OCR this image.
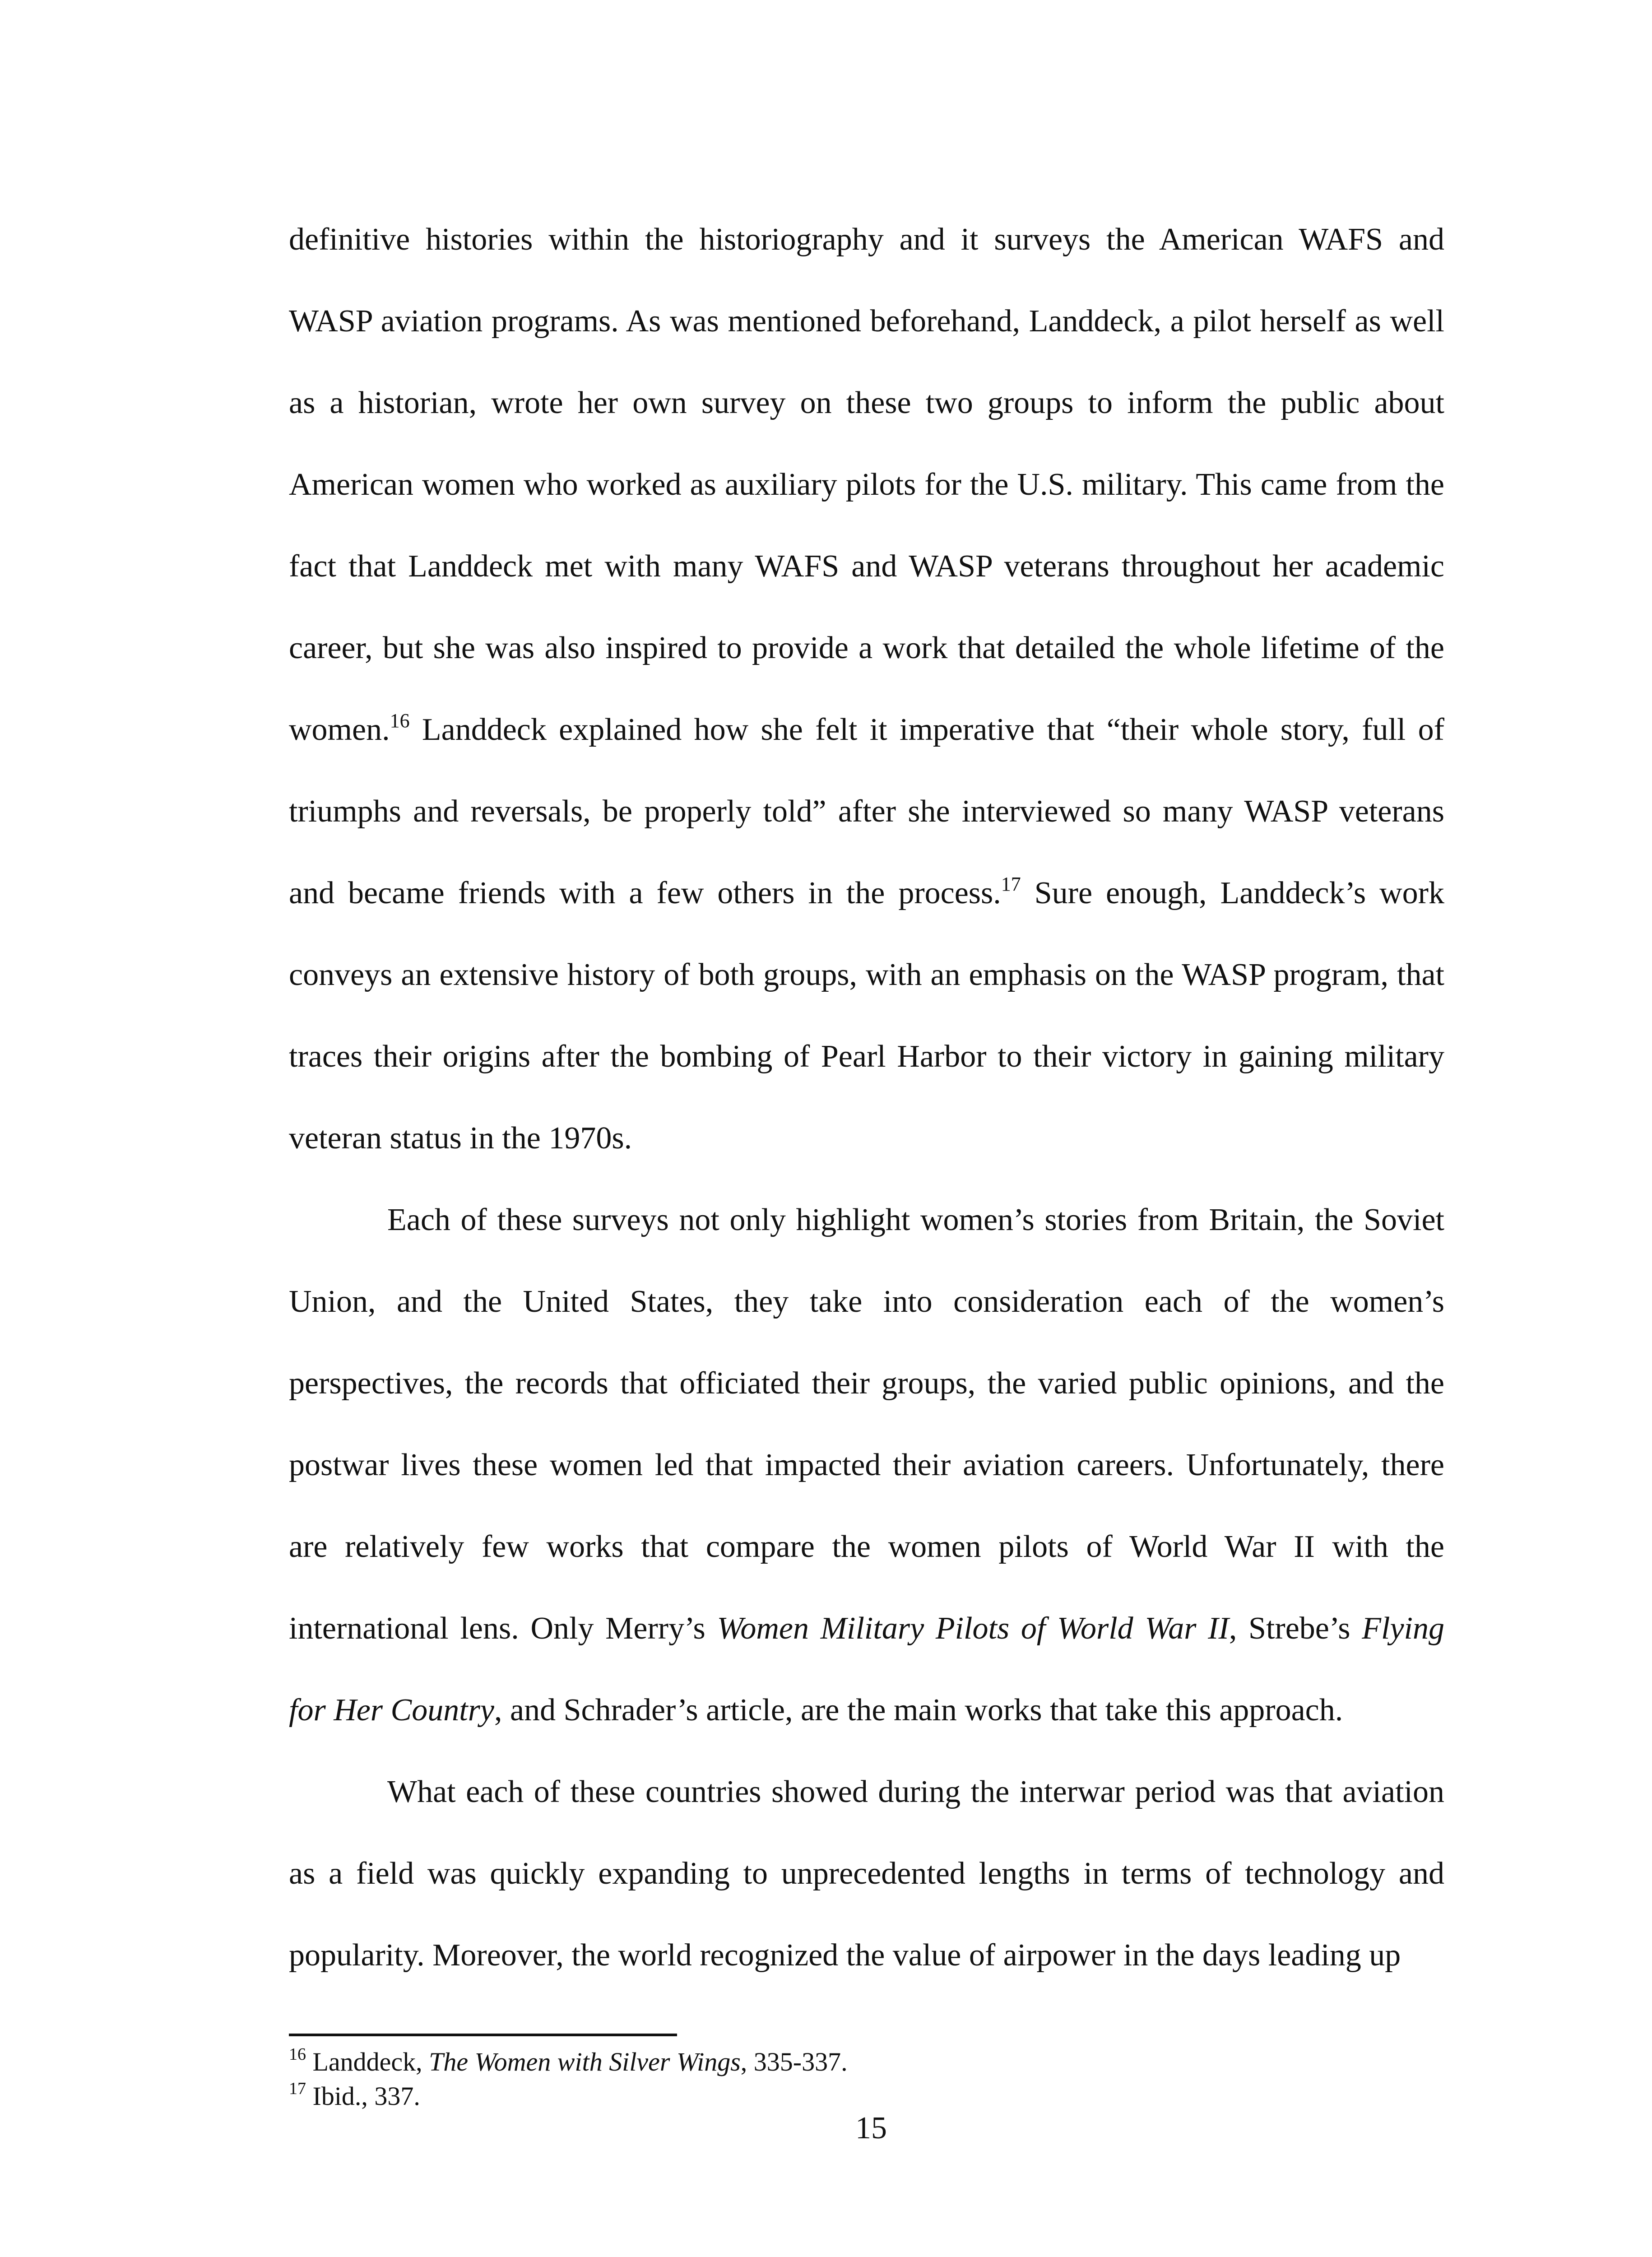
definitive histories within the historiography and it surveys the American WAFS and WASP aviation programs. As was mentioned beforehand, Landdeck, a pilot herself as well as a historian, wrote her own survey on these two groups to inform the public about American women who worked as auxiliary pilots for the U.S. military. This came from the fact that Landdeck met with many WAFS and WASP veterans throughout her academic career, but she was also inspired to provide a work that detailed the whole lifetime of the women.$^{16}$ Landdeck explained how she felt it imperative that “their whole story, full of triumphs and reversals, be properly told” after she interviewed so many WASP veterans and became friends with a few others in the process.$^{17}$ Sure enough, Landdeck’s work conveys an extensive history of both groups, with an emphasis on the WASP program, that traces their origins after the bombing of Pearl Harbor to their victory in gaining military veteran status in the 1970s.

Each of these surveys not only highlight women’s stories from Britain, the Soviet Union, and the United States, they take into consideration each of the women’s perspectives, the records that officiated their groups, the varied public opinions, and the postwar lives these women led that impacted their aviation careers. Unfortunately, there are relatively few works that compare the women pilots of World War II with the international lens. Only Merry’s Women Military Pilots of World War II, Strebe’s Flying for Her Country, and Schrader’s article, are the main works that take this approach.

What each of these countries showed during the interwar period was that aviation as a field was quickly expanding to unprecedented lengths in terms of technology and popularity. Moreover, the world recognized the value of airpower in the days leading up

$^{16}$ Landdeck, The Women with Silver Wings, 335-337.

$^{17}$ Ibid., 337.

15
